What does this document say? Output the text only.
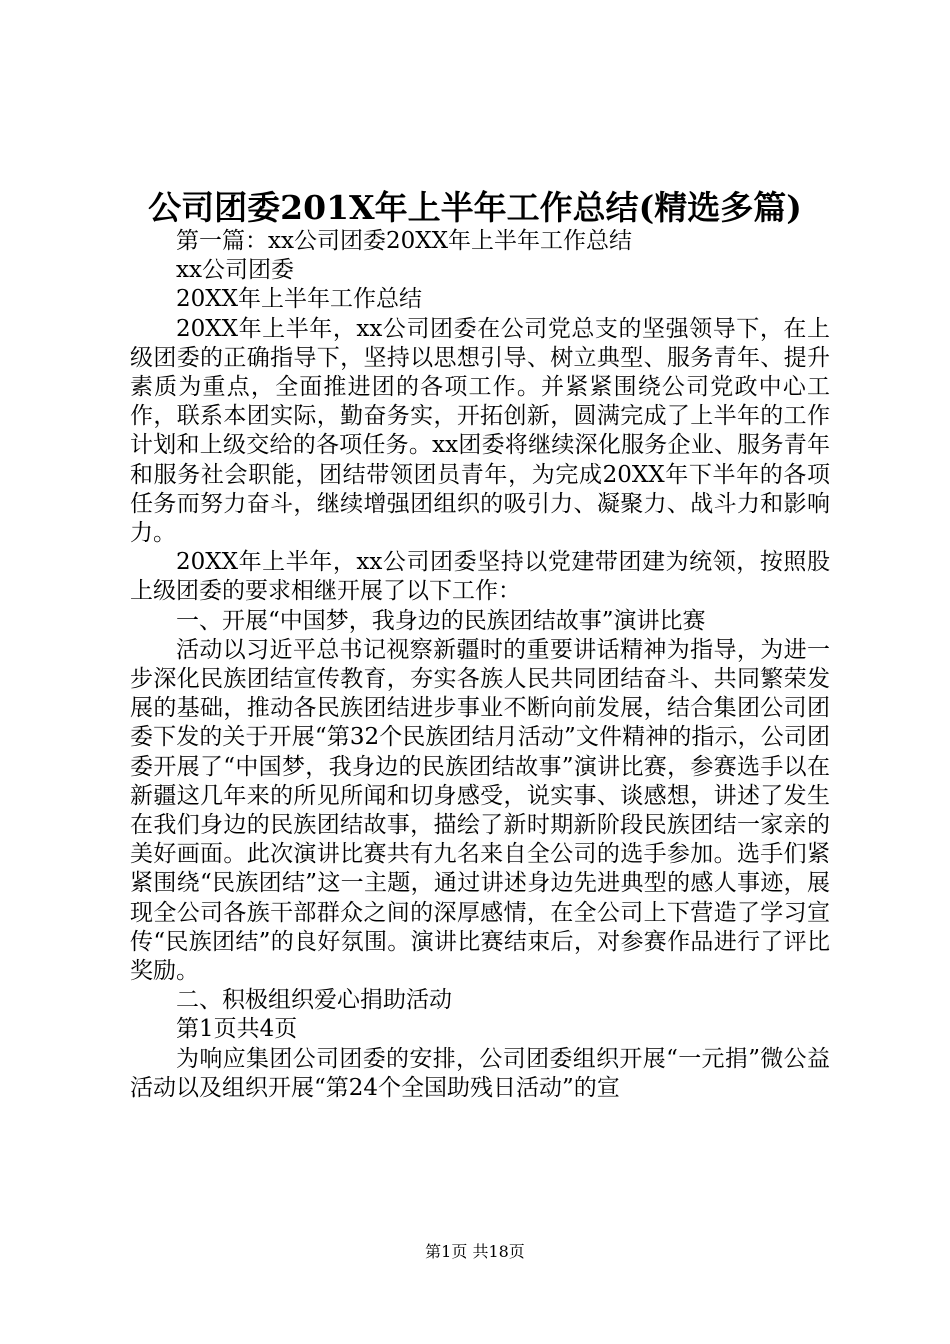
公司团委201X年上半年工作总结(精选多篇)

第一篇：xx公司团委20XX年上半年工作总结

xx公司团委

20XX年上半年工作总结

20XX年上半年，xx公司团委在公司党总支的坚强领导下，在上级团委的正确指导下，坚持以思想引导、树立典型、服务青年、提升素质为重点，全面推进团的各项工作。并紧紧围绕公司党政中心工作，联系本团实际，勤奋务实，开拓创新，圆满完成了上半年的工作计划和上级交给的各项任务。xx团委将继续深化服务企业、服务青年和服务社会职能，团结带领团员青年，为完成20XX年下半年的各项任务而努力奋斗，继续增强团组织的吸引力、凝聚力、战斗力和影响力。

20XX年上半年，xx公司团委坚持以党建带团建为统领，按照股上级团委的要求相继开展了以下工作：

一、开展“中国梦，我身边的民族团结故事”演讲比赛

活动以习近平总书记视察新疆时的重要讲话精神为指导，为进一步深化民族团结宣传教育，夯实各族人民共同团结奋斗、共同繁荣发展的基础，推动各民族团结进步事业不断向前发展，结合集团公司团委下发的关于开展“第32个民族团结月活动”文件精神的指示，公司团委开展了“中国梦，我身边的民族团结故事”演讲比赛，参赛选手以在新疆这几年来的所见所闻和切身感受，说实事、谈感想，讲述了发生在我们身边的民族团结故事，描绘了新时期新阶段民族团结一家亲的美好画面。此次演讲比赛共有九名来自全公司的选手参加。选手们紧紧围绕“民族团结”这一主题，通过讲述身边先进典型的感人事迹，展现全公司各族干部群众之间的深厚感情，在全公司上下营造了学习宣传“民族团结”的良好氛围。演讲比赛结束后，对参赛作品进行了评比奖励。

二、积极组织爱心捐助活动

第1页共4页

为响应集团公司团委的安排，公司团委组织开展“一元捐”微公益活动以及组织开展“第24个全国助残日活动”的宣

第1页 共18页
